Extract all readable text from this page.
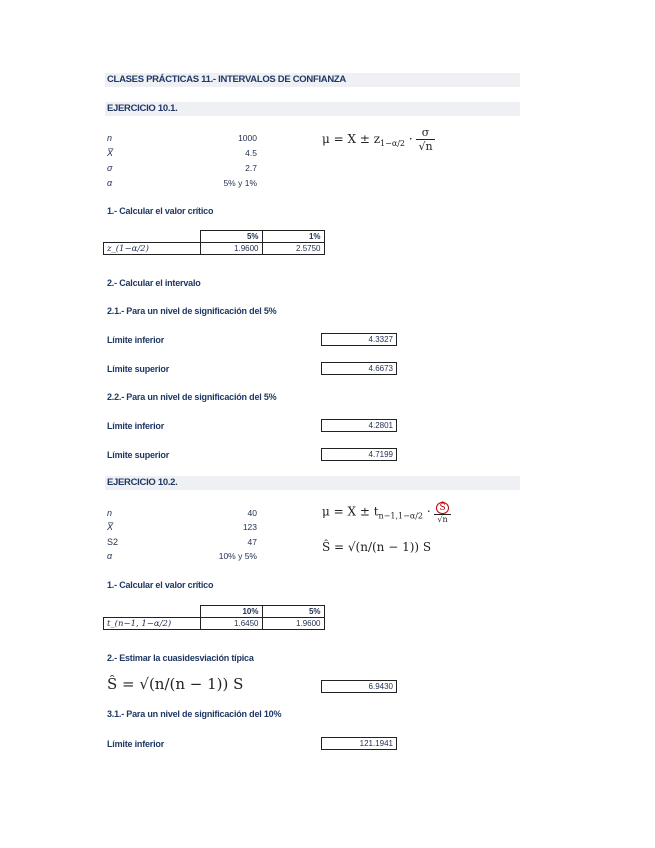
CLASES PRÁCTICAS 11.- INTERVALOS DE CONFIANZA
EJERCICIO 10.1.
n	1000
X̅	4.5
σ	2.7
α	5% y 1%
$\mu = X \pm z_{1-\alpha/2} \cdot \frac{\sigma}{√n}$
1.- Calcular el valor crítico
	5%	1%
z_(1−α/2)	1.9600	2.5750
2.- Calcular el intervalo
2.1.- Para un nivel de significación del 5%
Límite inferior	4.3327
Límite superior	4.6673
2.2.- Para un nivel de significación del 5%
Límite inferior	4.2801
Límite superior	4.7199
EJERCICIO 10.2.
n	40
X̅	123
S2	47
α	10% y 5%
$\mu = X \pm t_{n-1,1-\alpha/2} \cdot \frac{Ŝ}{√n}$
Ŝ = √(n/(n − 1)) S
1.- Calcular el valor crítico
	10%	5%
t_(n−1, 1−α/2)	1.6450	1.9600
2.- Estimar la cuasidesviación típica
Ŝ = √(n/(n − 1)) S	6.9430
3.1.- Para un nivel de significación del 10%
Límite inferior	121.1941
